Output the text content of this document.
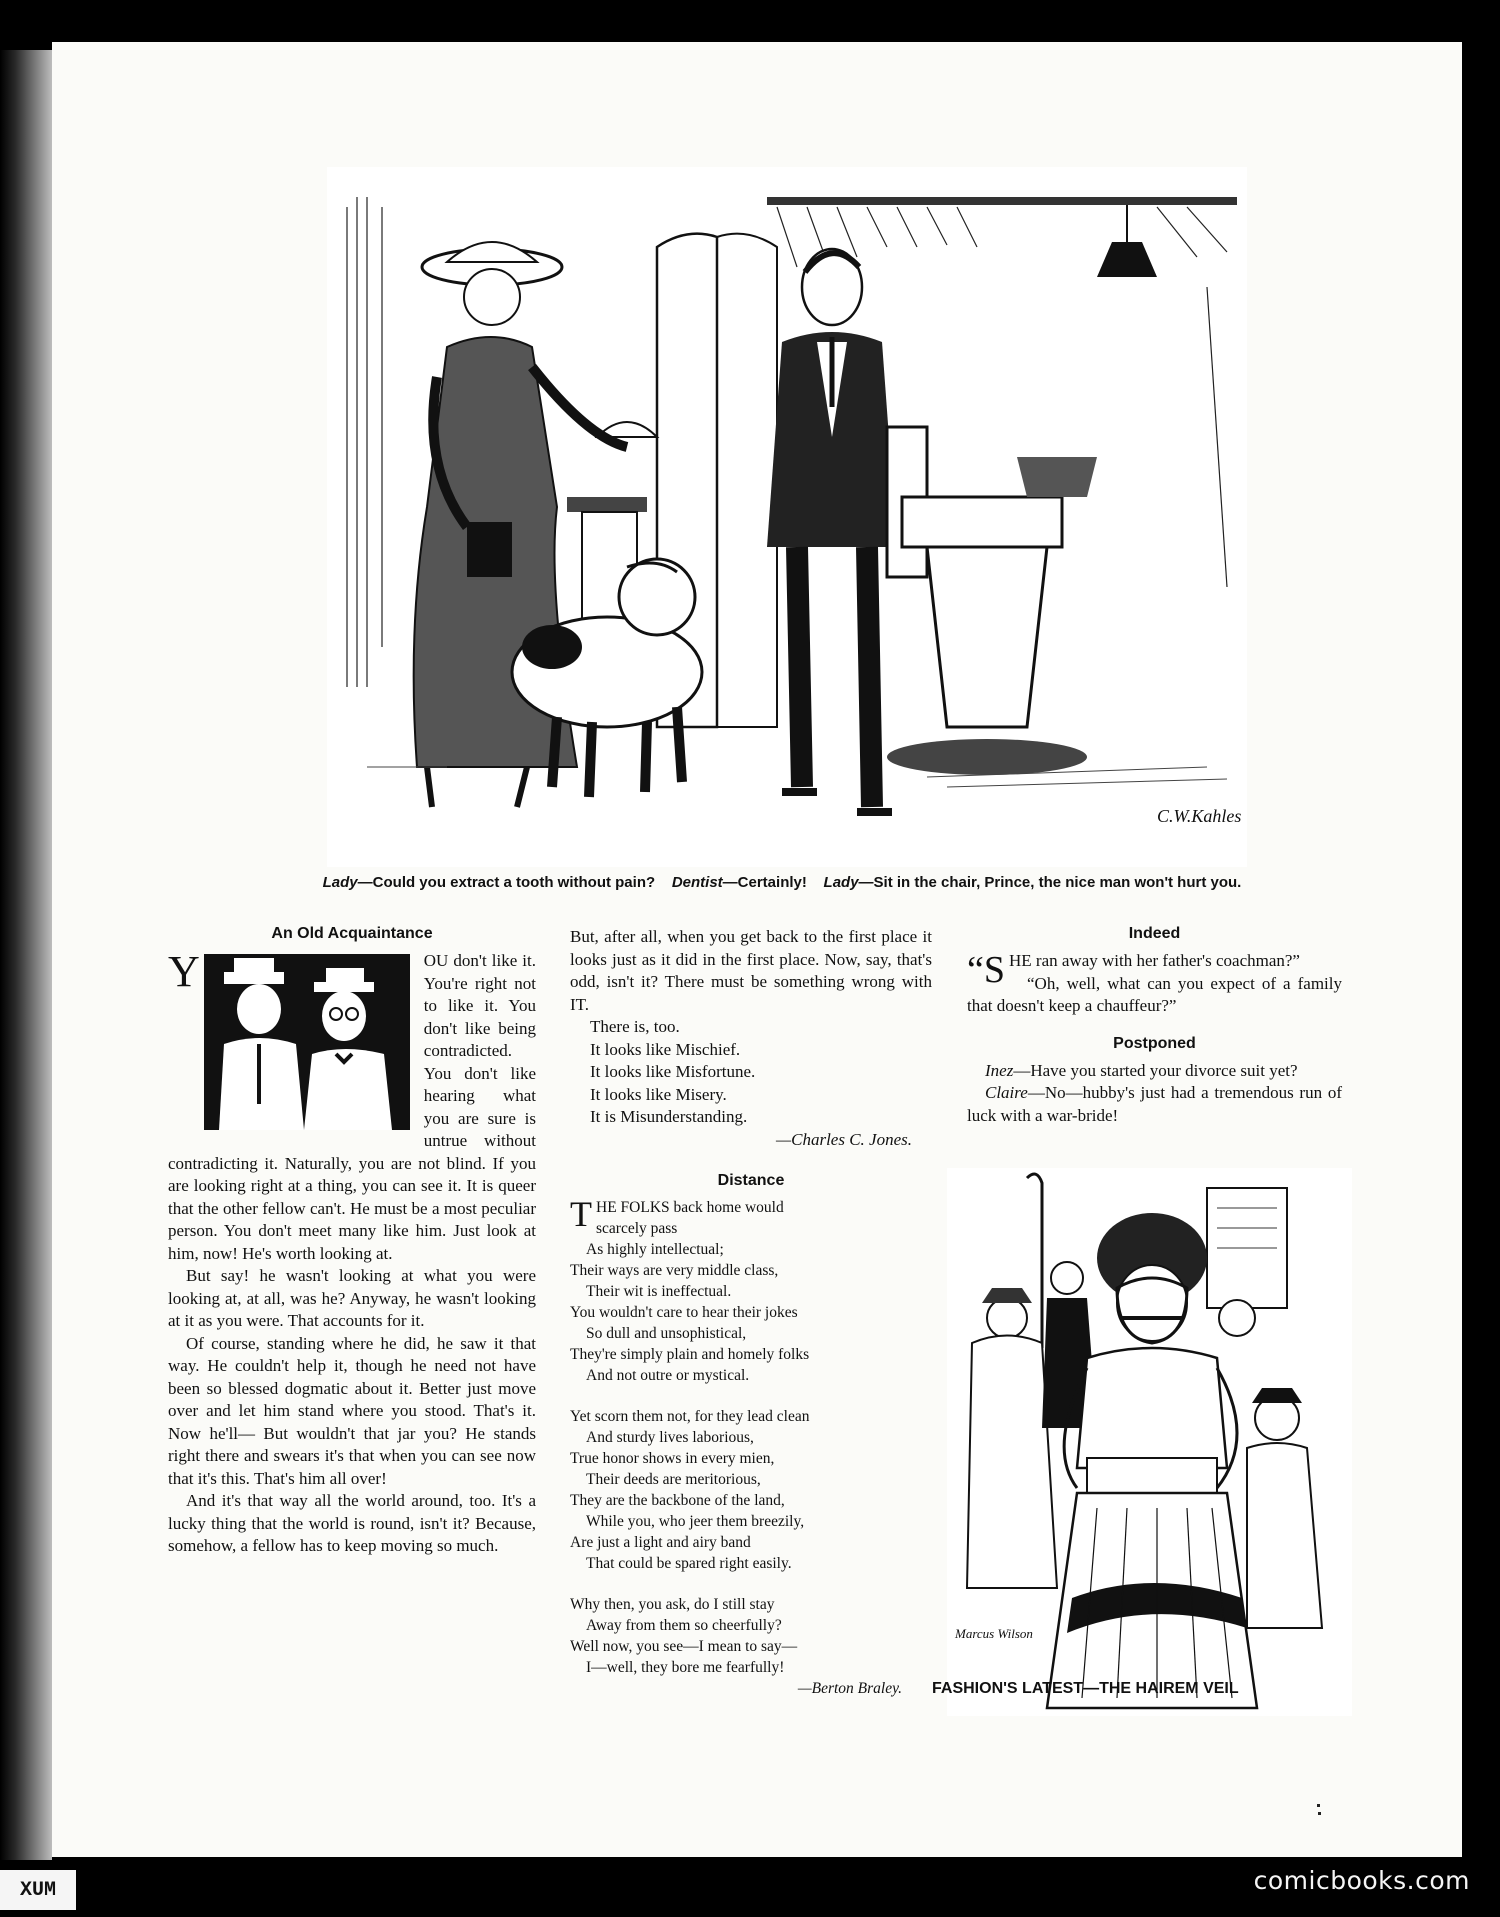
C.W.Kahles
Lady—Could you extract a tooth without pain? Dentist—Certainly! Lady—Sit in the chair, Prince, the nice man won't hurt you.
An Old Acquaintance

Y	OU don't like it. You're right not to like it. You don't like being contradicted. You don't like hearing what you are sure is untrue without contradicting it. Naturally, you are not blind. If you are looking right at a thing, you can see it. It is queer that the other fellow can't. He must be a most peculiar person. You don't meet many like him. Just look at him, now! He's worth looking at.

But say! he wasn't looking at what you were looking at, at all, was he? Anyway, he wasn't looking at it as you were. That accounts for it.

Of course, standing where he did, he saw it that way. He couldn't help it, though he need not have been so blessed dogmatic about it. Better just move over and let him stand where you stood. That's it. Now he'll— But wouldn't that jar you? He stands right there and swears it's that when you can see now that it's this. That's him all over!

And it's that way all the world around, too. It's a lucky thing that the world is round, isn't it? Because, somehow, a fellow has to keep moving so much.

But, after all, when you get back to the first place it looks just as it did in the first place. Now, say, that's odd, isn't it? There must be something wrong with IT.

There is, too.
It looks like Mischief.
It looks like Misfortune.
It looks like Misery.
It is Misunderstanding.
—Charles C. Jones.
Distance
THE FOLKS back home would
scarcely pass
As highly intellectual;
Their ways are very middle class,
Their wit is ineffectual.
You wouldn't care to hear their jokes
So dull and unsophistical,
They're simply plain and homely folks
And not outre or mystical.
Yet scorn them not, for they lead clean
And sturdy lives laborious,
True honor shows in every mien,
Their deeds are meritorious,
They are the backbone of the land,
While you, who jeer them breezily,
Are just a light and airy band
That could be spared right easily.
Why then, you ask, do I still stay
Away from them so cheerfully?
Well now, you see—I mean to say—
I—well, they bore me fearfully!
—Berton Braley.
Indeed

“SHE ran away with her father's coachman?”

“Oh, well, what can you expect of a family that doesn't keep a chauffeur?”

Postponed

Inez—Have you started your divorce suit yet?

Claire—No—hubby's just had a tremendous run of luck with a war-bride!

Marcus Wilson
FASHION'S LATEST—THE HAIREM VEIL
XUM	comicbooks.com
